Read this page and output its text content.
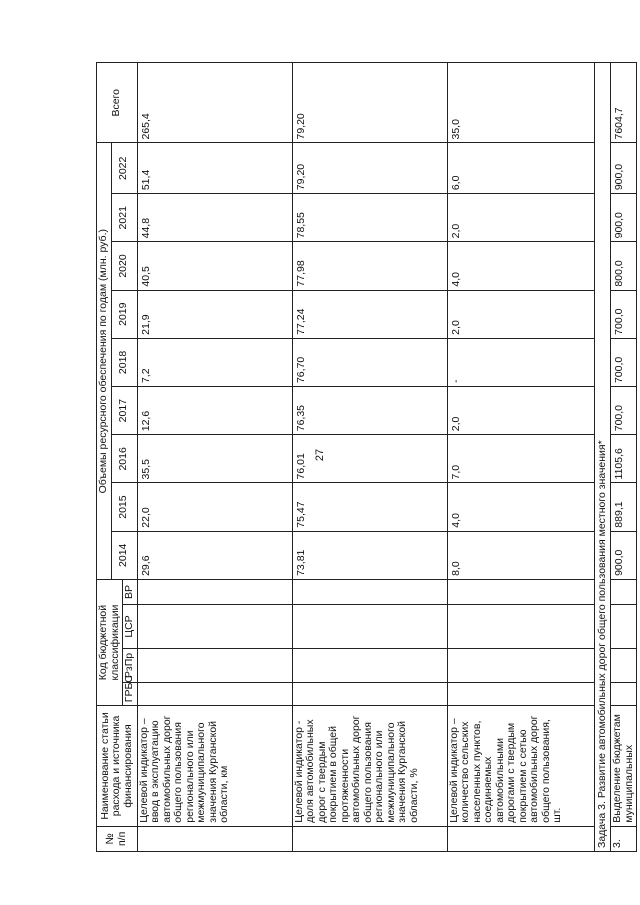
27
№ п/п	Наименование статьи расхода и источника финансирования	Код бюджетной классификации				Объемы ресурсного обеспечения по годам (млн. руб.)									Всего
						2014	2015	2016	2017	2018	2019	2020	2021	2022	
		ГРБС	РзПр	ЦСР	ВР										
	Целевой индикатор – ввод в эксплуатацию автомобильных дорог общего пользования регионального или межмуниципального значения Курганской области, км					29,6	22,0	35,5	12,6	7,2	21,9	40,5	44,8	51,4	265,4
	Целевой индикатор - доля автомобильных дорог с твердым покрытием в общей протяженности автомобильных дорог общего пользования регионального или межмуниципального значения Курганской области, %					73,81	75,47	76,01	76,35	76,70	77,24	77,98	78,55	79,20	79,20
	Целевой индикатор – количество сельских населенных пунктов, соединяемых автомобильными дорогами с твердым покрытием с сетью автомобильных дорог общего пользования, шт.					8,0	4,0	7,0	2,0	-	2,0	4,0	2,0	6,0	35,0
Задача 3. Развитие автомобильных дорог общего пользования местного значения*															
3.	Выделение бюджетам муниципальных					900,0	889,1	1105,6	700,0	700,0	700,0	800,0	900,0	900,0	7604,7
